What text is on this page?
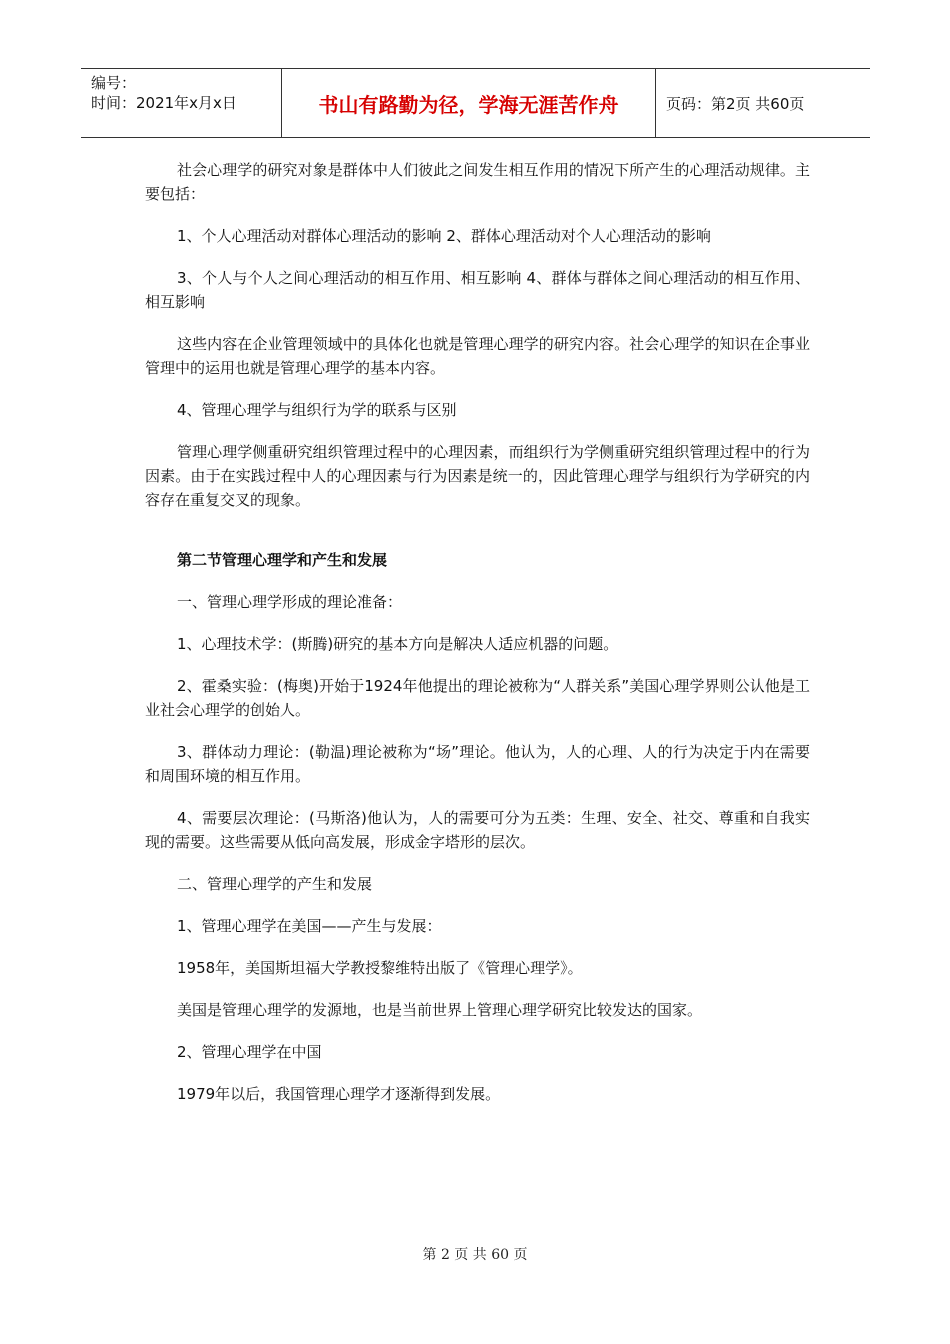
编号：
时间：2021年x月x日	书山有路勤为径，学海无涯苦作舟	页码：第2页 共60页

社会心理学的研究对象是群体中人们彼此之间发生相互作用的情况下所产生的心理活动规律。主要包括：

1、个人心理活动对群体心理活动的影响 2、群体心理活动对个人心理活动的影响

3、个人与个人之间心理活动的相互作用、相互影响 4、群体与群体之间心理活动的相互作用、相互影响

这些内容在企业管理领域中的具体化也就是管理心理学的研究内容。社会心理学的知识在企事业管理中的运用也就是管理心理学的基本内容。

4、管理心理学与组织行为学的联系与区别

管理心理学侧重研究组织管理过程中的心理因素，而组织行为学侧重研究组织管理过程中的行为因素。由于在实践过程中人的心理因素与行为因素是统一的，因此管理心理学与组织行为学研究的内容存在重复交叉的现象。

第二节管理心理学和产生和发展

一、管理心理学形成的理论准备：

1、心理技术学：(斯腾)研究的基本方向是解决人适应机器的问题。

2、霍桑实验：(梅奥)开始于1924年他提出的理论被称为“人群关系”美国心理学界则公认他是工业社会心理学的创始人。

3、群体动力理论：(勒温)理论被称为“场”理论。他认为，人的心理、人的行为决定于内在需要和周围环境的相互作用。

4、需要层次理论：(马斯洛)他认为，人的需要可分为五类：生理、安全、社交、尊重和自我实现的需要。这些需要从低向高发展，形成金字塔形的层次。

二、管理心理学的产生和发展

1、管理心理学在美国——产生与发展：

1958年，美国斯坦福大学教授黎维特出版了《管理心理学》。

美国是管理心理学的发源地，也是当前世界上管理心理学研究比较发达的国家。

2、管理心理学在中国

1979年以后，我国管理心理学才逐渐得到发展。

第 2 页 共 60 页
